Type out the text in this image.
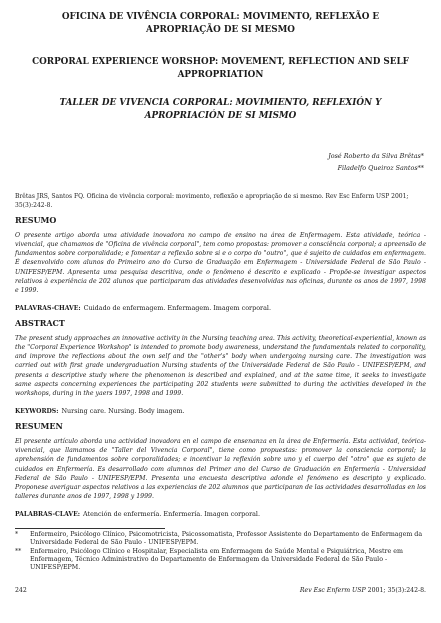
OFICINA DE VIVÊNCIA CORPORAL: MOVIMENTO, REFLEXÃO E APROPRIAÇÃO DE SI MESMO
CORPORAL EXPERIENCE WORSHOP: MOVEMENT, REFLECTION AND SELF APPROPRIATION
TALLER DE VIVENCIA CORPORAL: MOVIMIENTO, REFLEXIÓN Y APROPRIACIÓN DE SI MISMO
José Roberto da Silva Brêtas*
Filadelfo Queiroz Santos**
Brêtas JRS, Santos FQ. Oficina de vivência corporal: movimento, reflexão e apropriação de si mesmo. Rev Esc Enferm USP 2001; 35(3):242-8.
RESUMO

O presente artigo aborda uma atividade inovadora no campo de ensino na área de Enfermagem. Esta atividade, teórica - vivencial, que chamamos de "Oficina de vivência corporal", tem como propostas: promover a consciência corporal; a apreensão de fundamentos sobre corporalidade; e fomentar a reflexão sobre si e o corpo do "outro", que é sujeito de cuidados em enfermagem. É desenvolvido com alunos do Primeiro ano do Curso de Graduação em Enfermagem - Universidade Federal de São Paulo - UNIFESP/EPM. Apresenta uma pesquisa descritiva, onde o fenômeno é descrito e explicado - Propõe-se investigar aspectos relativos à experiência de 202 alunos que participaram das atividades desenvolvidas nas oficinas, durante os anos de 1997, 1998 e 1999.

PALAVRAS-CHAVE: Cuidado de enfermagem. Enfermagem. Imagem corporal.
ABSTRACT

The present study approaches an innovative activity in the Nursing teaching area. This activity, theoretical-experiential, known as the "Corporal Experience Workshop" is intended to promote body awareness, understand the fundamentals related to corporality, and improve the reflections about the own self and the "other's" body when undergoing nursing care. The investigation was carried out with first grade undergraduation Nursing students of the Universidade Federal de São Paulo - UNIFESP/EPM, and presents a descriptive study where the phenomenon is described and explained, and at the same time, it seeks to investigate same aspects concerning experiences the participating 202 students were submitted to during the activities developed in the workshops, during in the yaers 1997, 1998 and 1999.

KEYWORDS: Nursing care. Nursing. Body imagem.
RESUMEN

El presente artículo aborda una actividad inovadora en el campo de ensenanza en la área de Enfermería. Esta actividad, teórica-vivencial, que llamamos de "Taller del Vivencia Corporal", tiene como propuestas: promover la consciencia corporal; la aprehensión de fundamentos sobre corporalidades; e incentivar la reflexión sobre uno y el cuerpo del "otro" que es sujeto de cuidados en Enfermería. Es desarrollado com alumnos del Primer ano del Curso de Graduación en Enfermería - Universidad Federal de São Paulo - UNIFESP/EPM. Presenta una encuesta descriptiva adonde el fenómeno es descripto y explicado. Proponese averiguar aspectos relativos a las experiencias de 202 alumnos que participaran de las actividades desarrolladas en los talleres durante anos de 1997, 1998 y 1999.

PALABRAS-CLAVE: Atención de enfermería. Enfermería. Imagen corporal.
*	Enfermeiro, Psicólogo Clínico, Psicomotricista, Psicossomatista, Professor Assistente do Departamento de Enfermagem da Universidade Federal de São Paulo - UNIFESP/EPM.
**	Enfermeiro, Psicólogo Clínico e Hospitalar, Especialista em Enfermagem de Saúde Mental e Psiquiátrica, Mestre em Enfermagem, Técnico Administrativo do Departamento de Enfermagem da Universidade Federal de São Paulo - UNIFESP/EPM.
242	Rev Esc Enferm USP 2001; 35(3):242-8.
